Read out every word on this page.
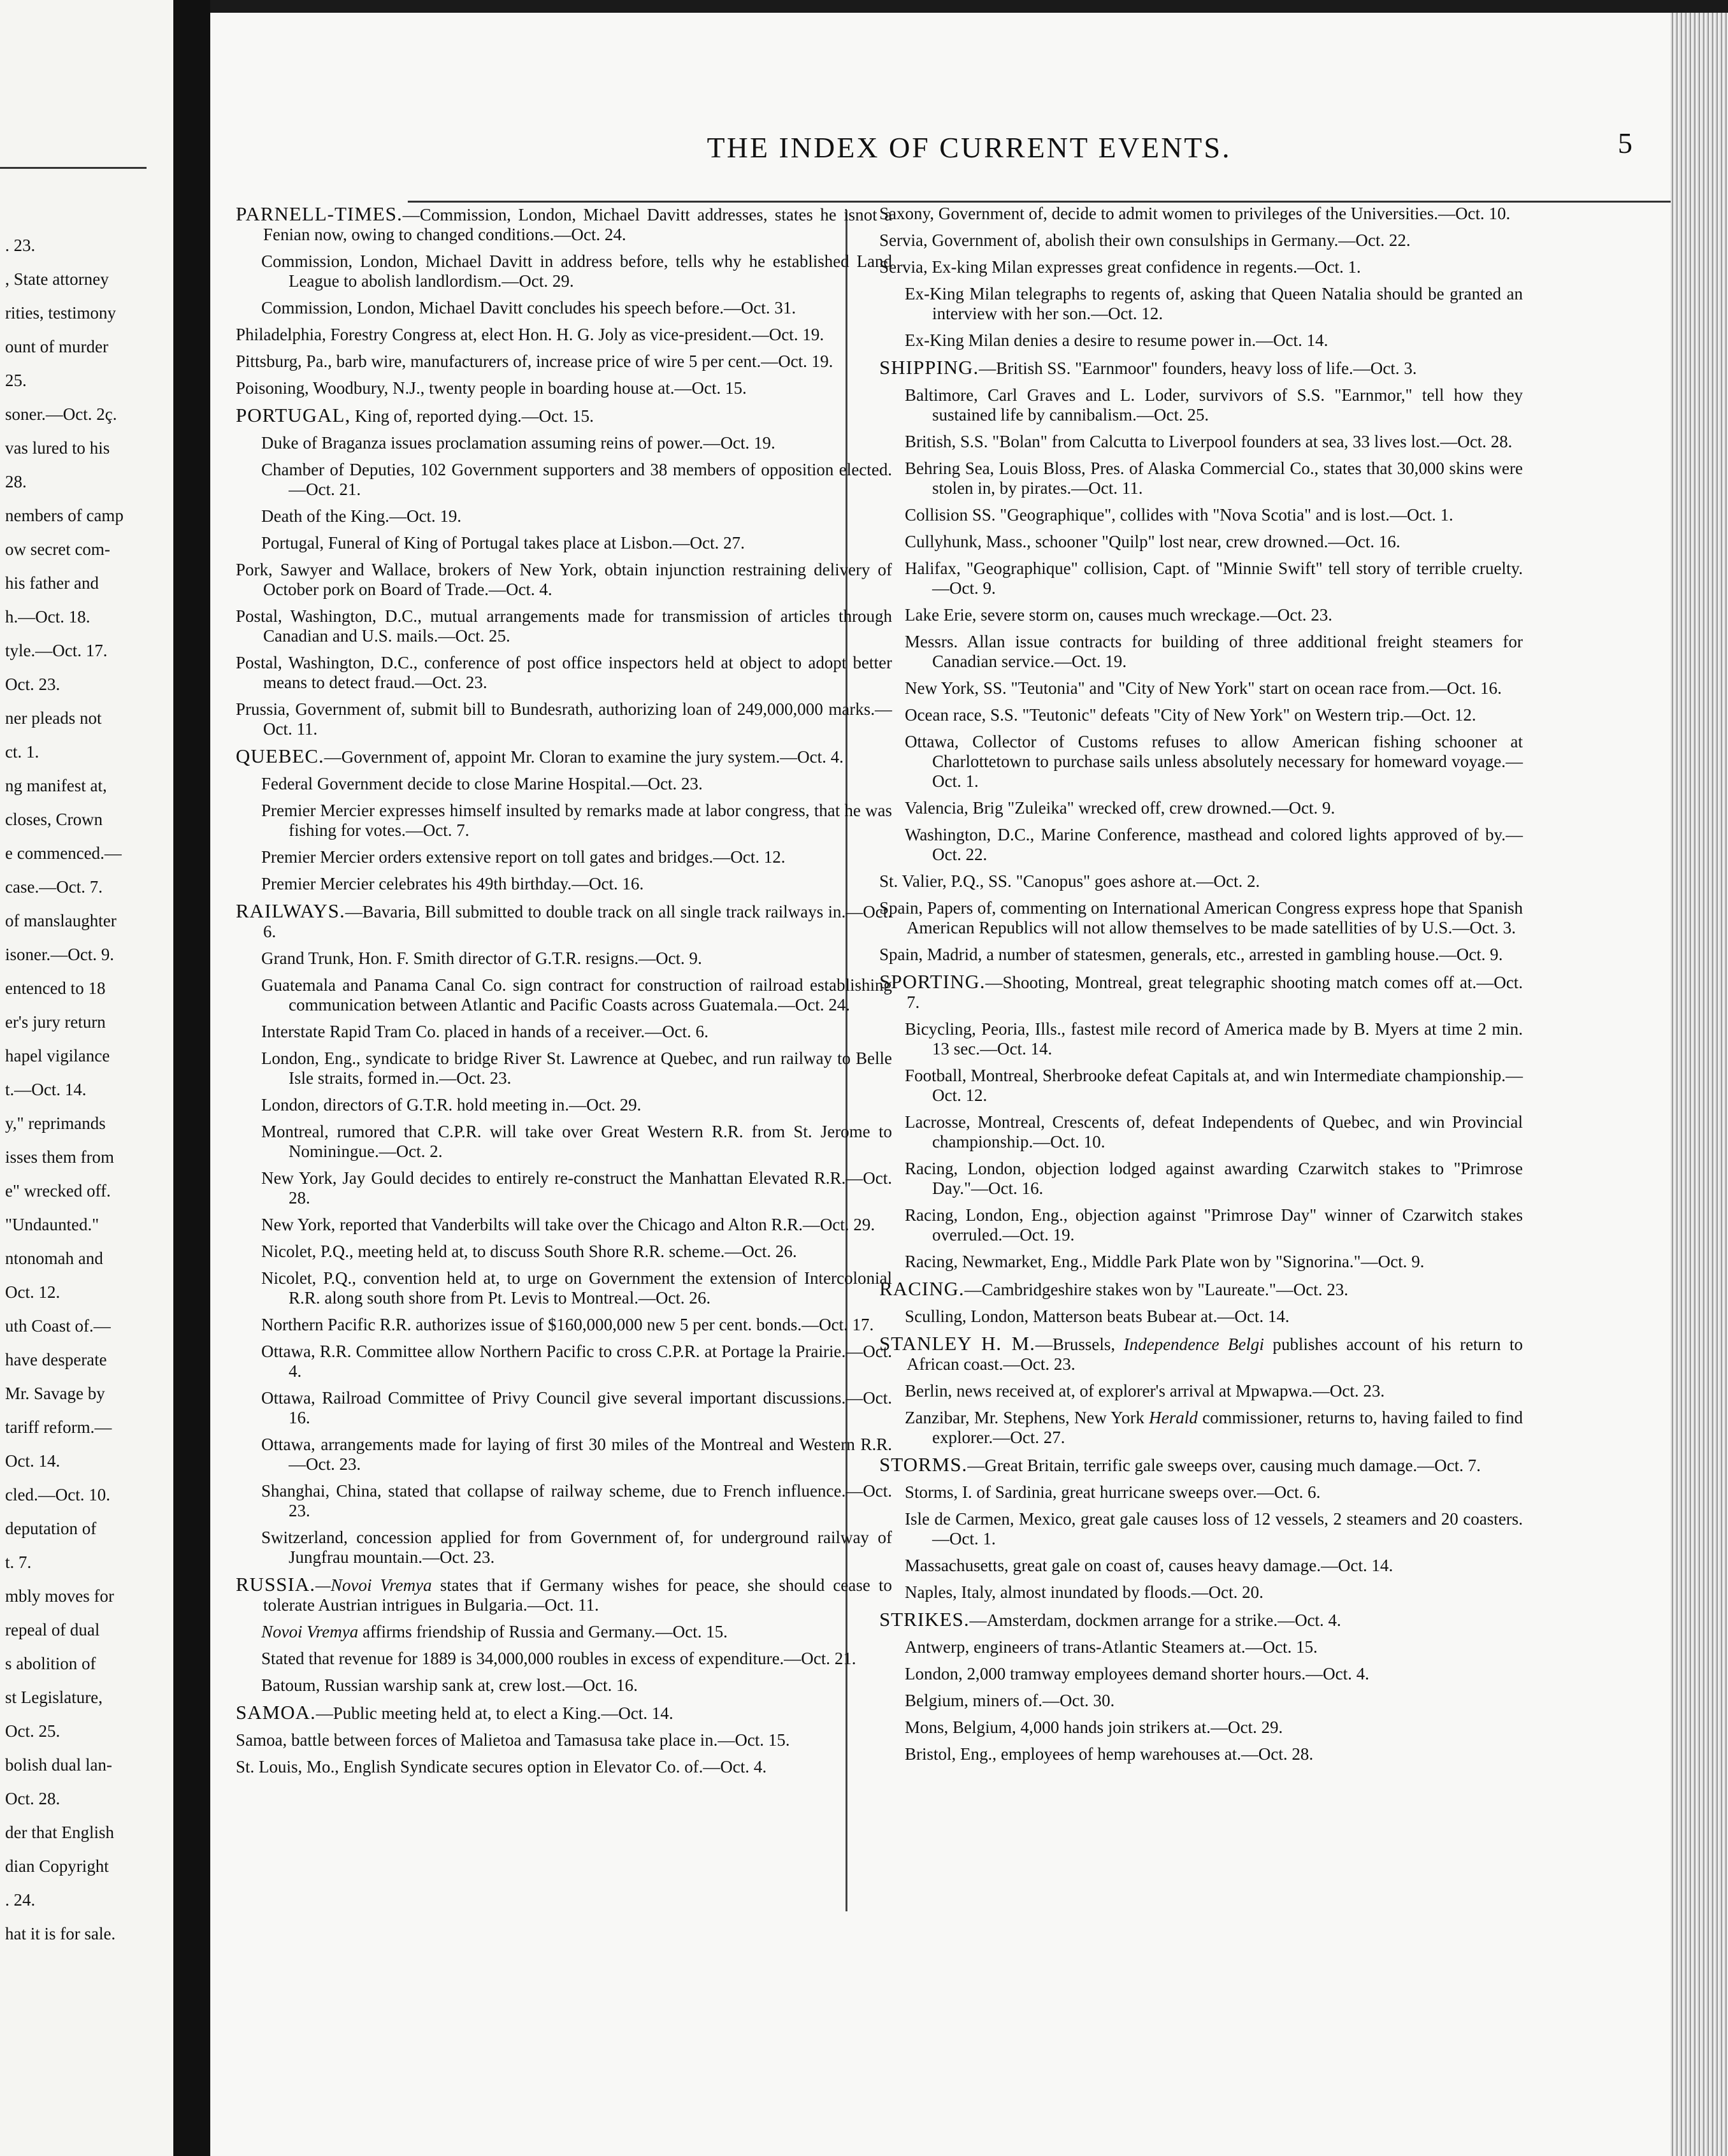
. 23.
, State attorney
rities, testimony
ount of murder
25.
soner.—Oct. 2ç.
vas lured to his
28.
nembers of camp
ow secret com-
his father and
h.—Oct. 18.
tyle.—Oct. 17.
Oct. 23.
ner pleads not
ct. 1.
ng manifest at,
closes, Crown
e commenced.—
case.—Oct. 7.
of manslaughter
isoner.—Oct. 9.
entenced to 18
er's jury return
hapel vigilance
t.—Oct. 14.
y," reprimands
isses them from
e" wrecked off.
"Undaunted."
ntonomah and
Oct. 12.
uth Coast of.—
have desperate
Mr. Savage by
tariff reform.—
Oct. 14.
cled.—Oct. 10.
deputation of
t. 7.
mbly moves for
repeal of dual
s abolition of
st Legislature,
Oct. 25.
bolish dual lan-
Oct. 28.
der that English
dian Copyright
. 24.
hat it is for sale.
THE INDEX OF CURRENT EVENTS.	5
PARNELL-TIMES.—Commission, London, Michael Davitt addresses, states he isnot a Fenian now, owing to changed conditions.—Oct. 24.
Commission, London, Michael Davitt in address before, tells why he established Land League to abolish landlordism.—Oct. 29.
Commission, London, Michael Davitt concludes his speech before.—Oct. 31.
Philadelphia, Forestry Congress at, elect Hon. H. G. Joly as vice-president.—Oct. 19.
Pittsburg, Pa., barb wire, manufacturers of, increase price of wire 5 per cent.—Oct. 19.
Poisoning, Woodbury, N.J., twenty people in boarding house at.—Oct. 15.
PORTUGAL, King of, reported dying.—Oct. 15.
Duke of Braganza issues proclamation assuming reins of power.—Oct. 19.
Chamber of Deputies, 102 Government supporters and 38 members of opposition elected.—Oct. 21.
Death of the King.—Oct. 19.
Portugal, Funeral of King of Portugal takes place at Lisbon.—Oct. 27.
Pork, Sawyer and Wallace, brokers of New York, obtain injunction restraining delivery of October pork on Board of Trade.—Oct. 4.
Postal, Washington, D.C., mutual arrangements made for transmission of articles through Canadian and U.S. mails.—Oct. 25.
Postal, Washington, D.C., conference of post office inspectors held at object to adopt better means to detect fraud.—Oct. 23.
Prussia, Government of, submit bill to Bundesrath, authorizing loan of 249,000,000 marks.—Oct. 11.
QUEBEC.—Government of, appoint Mr. Cloran to examine the jury system.—Oct. 4.
Federal Government decide to close Marine Hospital.—Oct. 23.
Premier Mercier expresses himself insulted by remarks made at labor congress, that he was fishing for votes.—Oct. 7.
Premier Mercier orders extensive report on toll gates and bridges.—Oct. 12.
Premier Mercier celebrates his 49th birthday.—Oct. 16.
RAILWAYS.—Bavaria, Bill submitted to double track on all single track railways in.—Oct. 6.
Grand Trunk, Hon. F. Smith director of G.T.R. resigns.—Oct. 9.
Guatemala and Panama Canal Co. sign contract for construction of railroad establishing communication between Atlantic and Pacific Coasts across Guatemala.—Oct. 24.
Interstate Rapid Tram Co. placed in hands of a receiver.—Oct. 6.
London, Eng., syndicate to bridge River St. Lawrence at Quebec, and run railway to Belle Isle straits, formed in.—Oct. 23.
London, directors of G.T.R. hold meeting in.—Oct. 29.
Montreal, rumored that C.P.R. will take over Great Western R.R. from St. Jerome to Nominingue.—Oct. 2.
New York, Jay Gould decides to entirely re-construct the Manhattan Elevated R.R.—Oct. 28.
New York, reported that Vanderbilts will take over the Chicago and Alton R.R.—Oct. 29.
Nicolet, P.Q., meeting held at, to discuss South Shore R.R. scheme.—Oct. 26.
Nicolet, P.Q., convention held at, to urge on Government the extension of Intercolonial R.R. along south shore from Pt. Levis to Montreal.—Oct. 26.
Northern Pacific R.R. authorizes issue of $160,000,000 new 5 per cent. bonds.—Oct. 17.
Ottawa, R.R. Committee allow Northern Pacific to cross C.P.R. at Portage la Prairie.—Oct. 4.
Ottawa, Railroad Committee of Privy Council give several important discussions.—Oct. 16.
Ottawa, arrangements made for laying of first 30 miles of the Montreal and Western R.R.—Oct. 23.
Shanghai, China, stated that collapse of railway scheme, due to French influence.—Oct. 23.
Switzerland, concession applied for from Government of, for underground railway of Jungfrau mountain.—Oct. 23.
RUSSIA.—Novoi Vremya states that if Germany wishes for peace, she should cease to tolerate Austrian intrigues in Bulgaria.—Oct. 11.
Novoi Vremya affirms friendship of Russia and Germany.—Oct. 15.
Stated that revenue for 1889 is 34,000,000 roubles in excess of expenditure.—Oct. 21.
Batoum, Russian warship sank at, crew lost.—Oct. 16.
SAMOA.—Public meeting held at, to elect a King.—Oct. 14.
Samoa, battle between forces of Malietoa and Tamasusa take place in.—Oct. 15.
St. Louis, Mo., English Syndicate secures option in Elevator Co. of.—Oct. 4.
Saxony, Government of, decide to admit women to privileges of the Universities.—Oct. 10.
Servia, Government of, abolish their own consulships in Germany.—Oct. 22.
Servia, Ex-king Milan expresses great confidence in regents.—Oct. 1.
Ex-King Milan telegraphs to regents of, asking that Queen Natalia should be granted an interview with her son.—Oct. 12.
Ex-King Milan denies a desire to resume power in.—Oct. 14.
SHIPPING.—British SS. "Earnmoor" founders, heavy loss of life.—Oct. 3.
Baltimore, Carl Graves and L. Loder, survivors of S.S. "Earnmor," tell how they sustained life by cannibalism.—Oct. 25.
British, S.S. "Bolan" from Calcutta to Liverpool founders at sea, 33 lives lost.—Oct. 28.
Behring Sea, Louis Bloss, Pres. of Alaska Commercial Co., states that 30,000 skins were stolen in, by pirates.—Oct. 11.
Collision SS. "Geographique", collides with "Nova Scotia" and is lost.—Oct. 1.
Cullyhunk, Mass., schooner "Quilp" lost near, crew drowned.—Oct. 16.
Halifax, "Geographique" collision, Capt. of "Minnie Swift" tell story of terrible cruelty.—Oct. 9.
Lake Erie, severe storm on, causes much wreckage.—Oct. 23.
Messrs. Allan issue contracts for building of three additional freight steamers for Canadian service.—Oct. 19.
New York, SS. "Teutonia" and "City of New York" start on ocean race from.—Oct. 16.
Ocean race, S.S. "Teutonic" defeats "City of New York" on Western trip.—Oct. 12.
Ottawa, Collector of Customs refuses to allow American fishing schooner at Charlottetown to purchase sails unless absolutely necessary for homeward voyage.—Oct. 1.
Valencia, Brig "Zuleika" wrecked off, crew drowned.—Oct. 9.
Washington, D.C., Marine Conference, masthead and colored lights approved of by.—Oct. 22.
St. Valier, P.Q., SS. "Canopus" goes ashore at.—Oct. 2.
Spain, Papers of, commenting on International American Congress express hope that Spanish American Republics will not allow themselves to be made satellities of by U.S.—Oct. 3.
Spain, Madrid, a number of statesmen, generals, etc., arrested in gambling house.—Oct. 9.
SPORTING.—Shooting, Montreal, great telegraphic shooting match comes off at.—Oct. 7.
Bicycling, Peoria, Ills., fastest mile record of America made by B. Myers at time 2 min. 13 sec.—Oct. 14.
Football, Montreal, Sherbrooke defeat Capitals at, and win Intermediate championship.—Oct. 12.
Lacrosse, Montreal, Crescents of, defeat Independents of Quebec, and win Provincial championship.—Oct. 10.
Racing, London, objection lodged against awarding Czarwitch stakes to "Primrose Day."—Oct. 16.
Racing, London, Eng., objection against "Primrose Day" winner of Czarwitch stakes overruled.—Oct. 19.
Racing, Newmarket, Eng., Middle Park Plate won by "Signorina."—Oct. 9.
RACING.—Cambridgeshire stakes won by "Laureate."—Oct. 23.
Sculling, London, Matterson beats Bubear at.—Oct. 14.
STANLEY H. M.—Brussels, Independence Belgi publishes account of his return to African coast.—Oct. 23.
Berlin, news received at, of explorer's arrival at Mpwapwa.—Oct. 23.
Zanzibar, Mr. Stephens, New York Herald commissioner, returns to, having failed to find explorer.—Oct. 27.
STORMS.—Great Britain, terrific gale sweeps over, causing much damage.—Oct. 7.
Storms, I. of Sardinia, great hurricane sweeps over.—Oct. 6.
Isle de Carmen, Mexico, great gale causes loss of 12 vessels, 2 steamers and 20 coasters.—Oct. 1.
Massachusetts, great gale on coast of, causes heavy damage.—Oct. 14.
Naples, Italy, almost inundated by floods.—Oct. 20.
STRIKES.—Amsterdam, dockmen arrange for a strike.—Oct. 4.
Antwerp, engineers of trans-Atlantic Steamers at.—Oct. 15.
London, 2,000 tramway employees demand shorter hours.—Oct. 4.
Belgium, miners of.—Oct. 30.
Mons, Belgium, 4,000 hands join strikers at.—Oct. 29.
Bristol, Eng., employees of hemp warehouses at.—Oct. 28.
